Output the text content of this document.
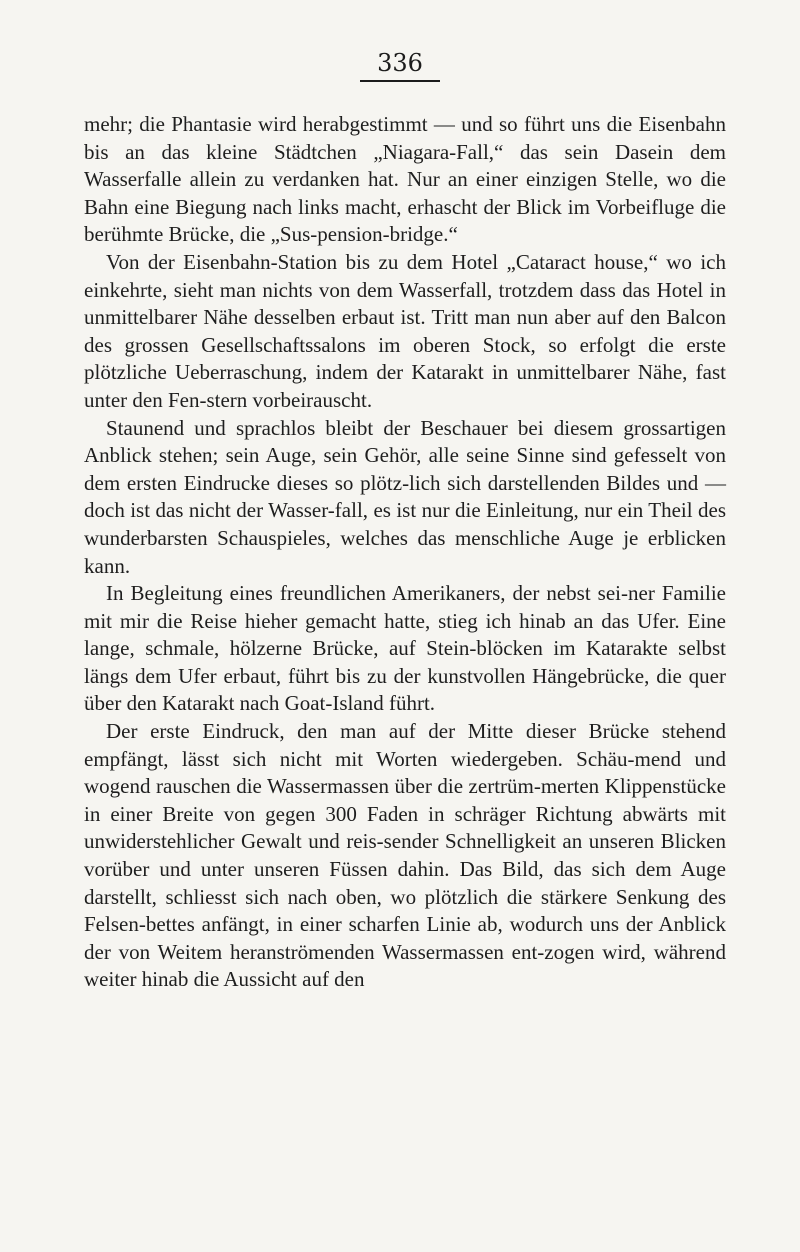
336

mehr; die Phantasie wird herabgestimmt — und so führt uns die Eisenbahn bis an das kleine Städtchen „Niagara-Fall,“ das sein Dasein dem Wasserfalle allein zu verdanken hat. Nur an einer einzigen Stelle, wo die Bahn eine Biegung nach links macht, erhascht der Blick im Vorbeifluge die berühmte Brücke, die „Sus-pension-bridge.“

Von der Eisenbahn-Station bis zu dem Hotel „Cataract house,“ wo ich einkehrte, sieht man nichts von dem Wasserfall, trotzdem dass das Hotel in unmittelbarer Nähe desselben erbaut ist. Tritt man nun aber auf den Balcon des grossen Gesellschaftssalons im oberen Stock, so erfolgt die erste plötzliche Ueberraschung, indem der Katarakt in unmittelbarer Nähe, fast unter den Fen-stern vorbeirauscht.

Staunend und sprachlos bleibt der Beschauer bei diesem grossartigen Anblick stehen; sein Auge, sein Gehör, alle seine Sinne sind gefesselt von dem ersten Eindrucke dieses so plötz-lich sich darstellenden Bildes und — doch ist das nicht der Wasser-fall, es ist nur die Einleitung, nur ein Theil des wunderbarsten Schauspieles, welches das menschliche Auge je erblicken kann.

In Begleitung eines freundlichen Amerikaners, der nebst sei-ner Familie mit mir die Reise hieher gemacht hatte, stieg ich hinab an das Ufer. Eine lange, schmale, hölzerne Brücke, auf Stein-blöcken im Katarakte selbst längs dem Ufer erbaut, führt bis zu der kunstvollen Hängebrücke, die quer über den Katarakt nach Goat-Island führt.

Der erste Eindruck, den man auf der Mitte dieser Brücke stehend empfängt, lässt sich nicht mit Worten wiedergeben. Schäu-mend und wogend rauschen die Wassermassen über die zertrüm-merten Klippenstücke in einer Breite von gegen 300 Faden in schräger Richtung abwärts mit unwiderstehlicher Gewalt und reis-sender Schnelligkeit an unseren Blicken vorüber und unter unseren Füssen dahin. Das Bild, das sich dem Auge darstellt, schliesst sich nach oben, wo plötzlich die stärkere Senkung des Felsen-bettes anfängt, in einer scharfen Linie ab, wodurch uns der Anblick der von Weitem heranströmenden Wassermassen ent-zogen wird, während weiter hinab die Aussicht auf den
